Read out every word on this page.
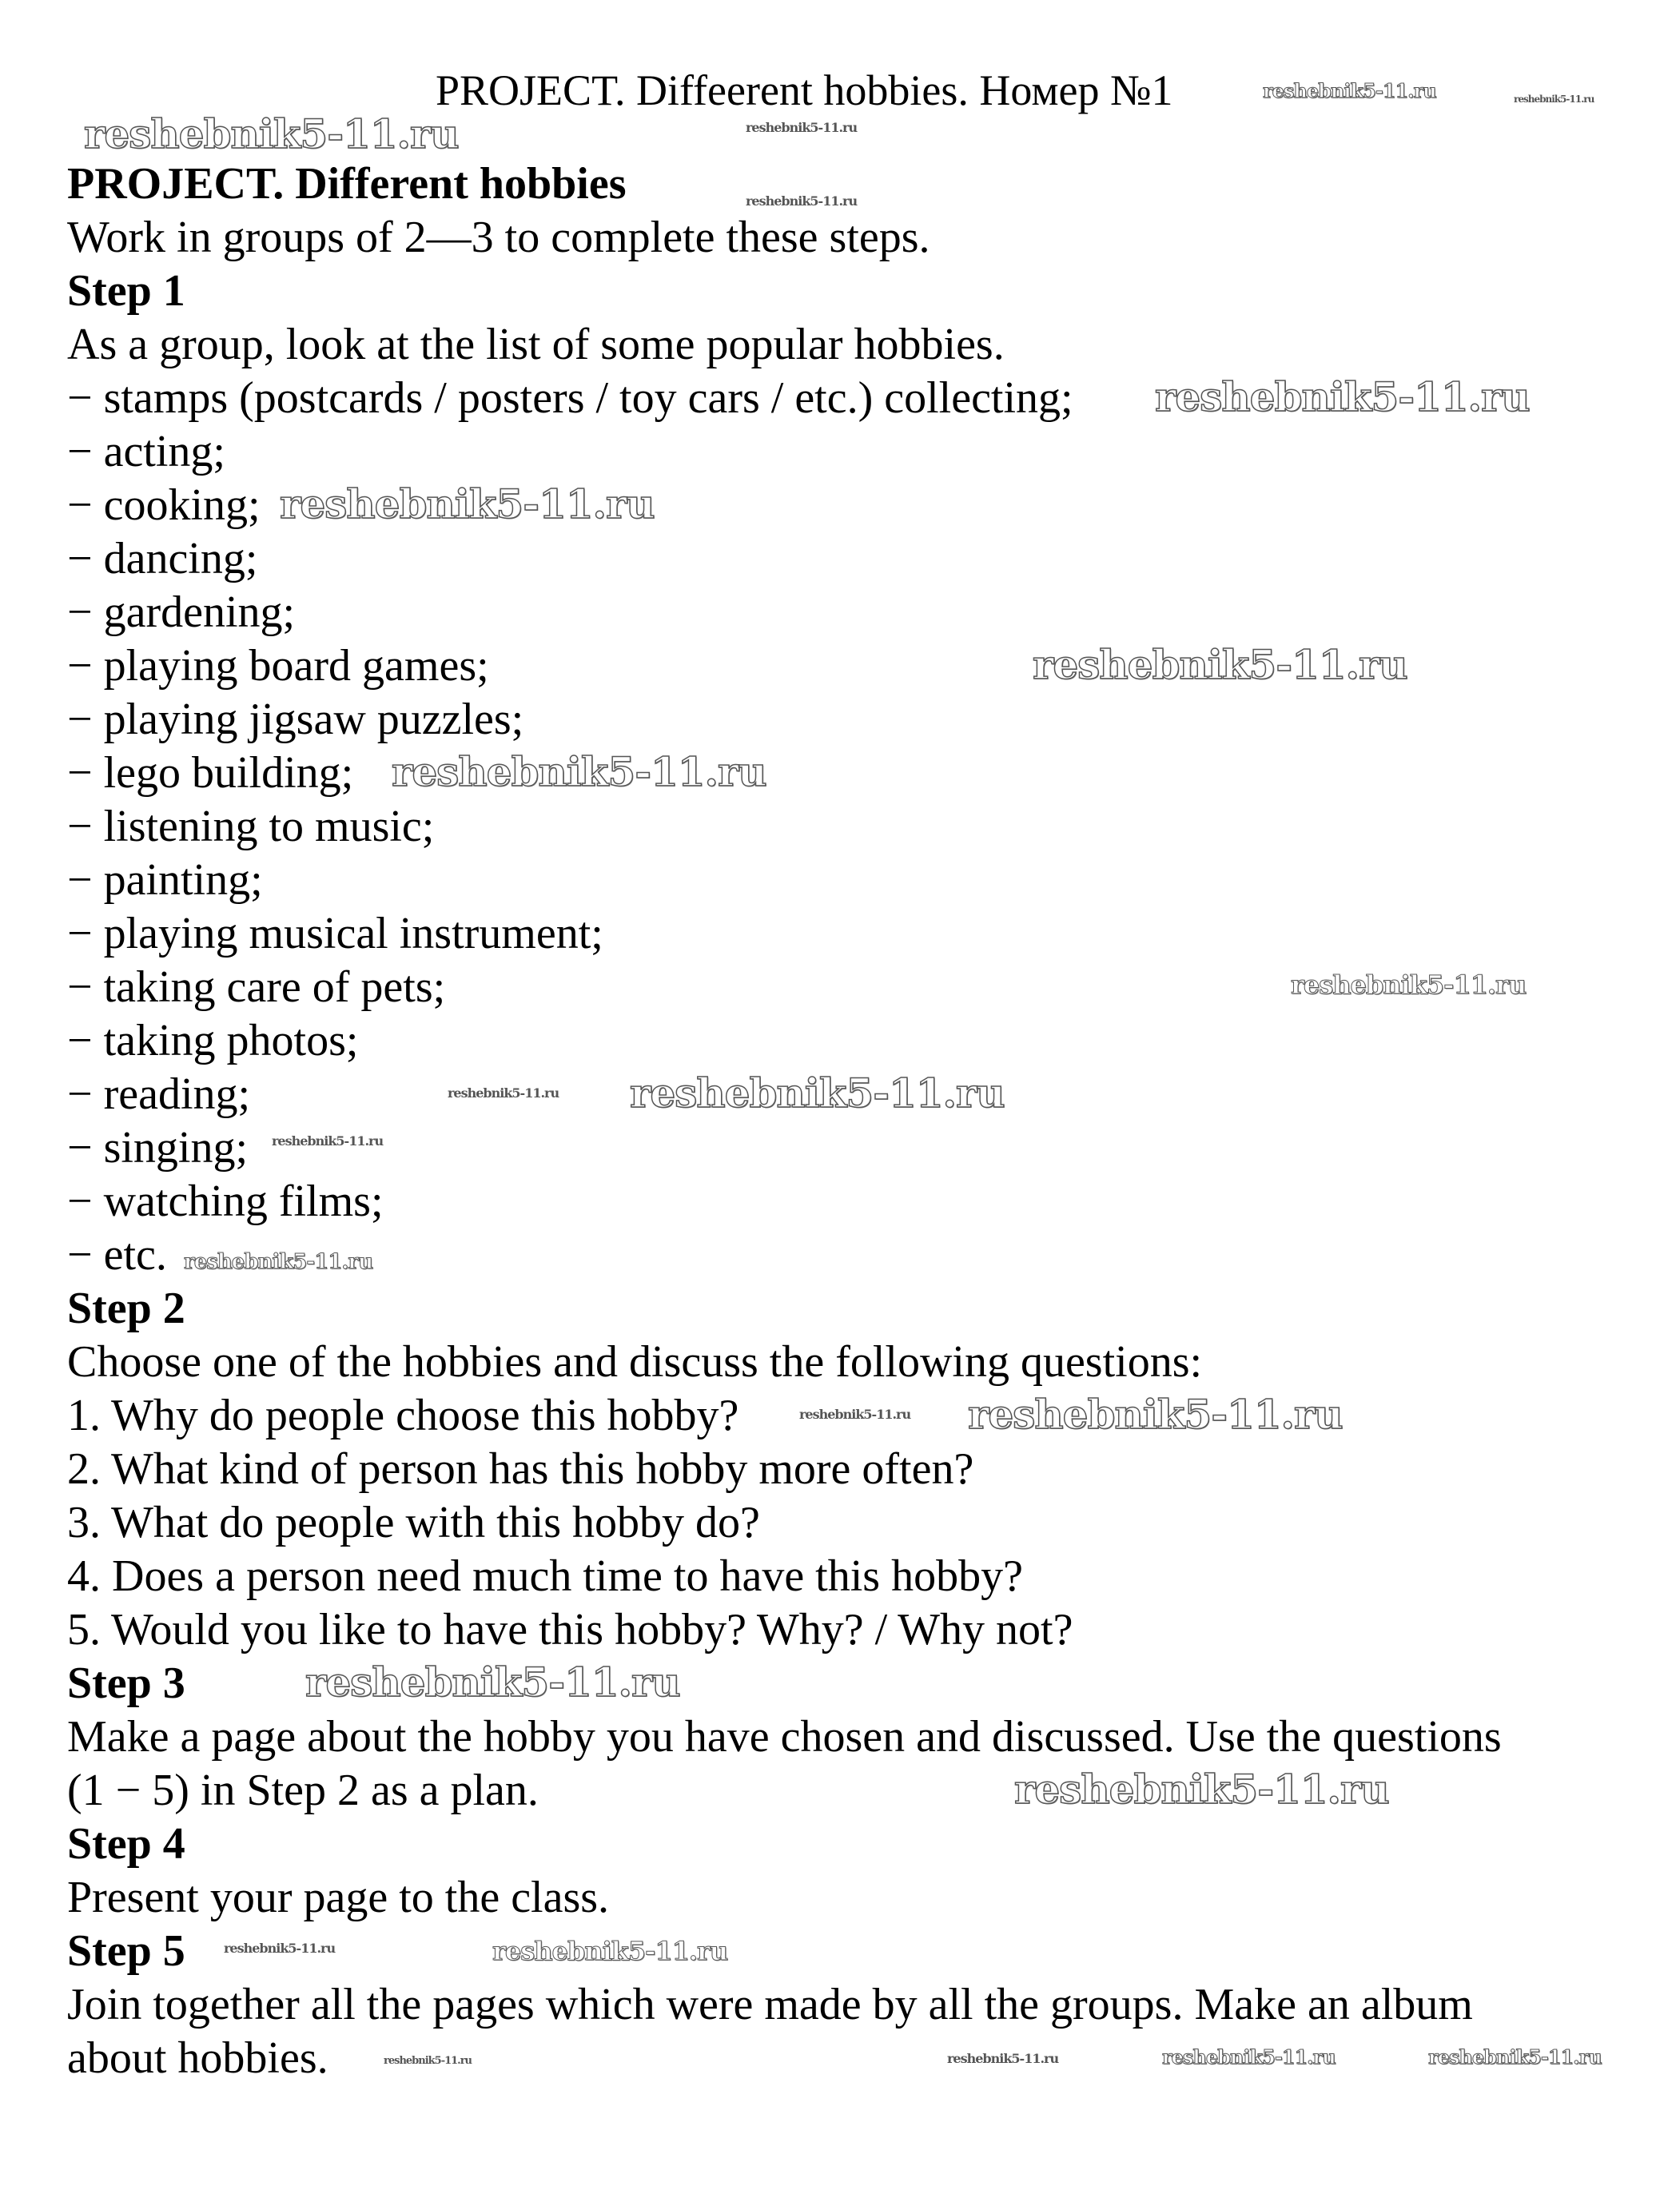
PROJECT. Diffeerent hobbies. Номер №1
PROJECT. Different hobbies
Work in groups of 2—3 to complete these steps.
Step 1
As a group, look at the list of some popular hobbies.
− stamps (postcards / posters / toy cars / etc.) collecting;
− acting;
− cooking;
− dancing;
− gardening;
− playing board games;
− playing jigsaw puzzles;
− lego building;
− listening to music;
− painting;
− playing musical instrument;
− taking care of pets;
− taking photos;
− reading;
− singing;
− watching films;
− etc.
Step 2
Choose one of the hobbies and discuss the following questions:
1. Why do people choose this hobby?
2. What kind of person has this hobby more often?
3. What do people with this hobby do?
4. Does a person need much time to have this hobby?
5. Would you like to have this hobby? Why? / Why not?
Step 3
Make a page about the hobby you have chosen and discussed. Use the questions
(1 − 5) in Step 2 as a plan.
Step 4
Present your page to the class.
Step 5
Join together all the pages which were made by all the groups. Make an album
about hobbies.
reshebnik5-11.ru
reshebnik5-11.ru
reshebnik5-11.ru
reshebnik5-11.ru
reshebnik5-11.ru
reshebnik5-11.ru
reshebnik5-11.ru
reshebnik5-11.ru
reshebnik5-11.ru
reshebnik5-11.ru
reshebnik5-11.ru
reshebnik5-11.ru
reshebnik5-11.ru	reshebnik5-11.ru
reshebnik5-11.ru
reshebnik5-11.ru
reshebnik5-11.ru
reshebnik5-11.ru
reshebnik5-11.ru
reshebnik5-11.ru
reshebnik5-11.ru
reshebnik5-11.ru
reshebnik5-11.ru	reshebnik5-11.ru
